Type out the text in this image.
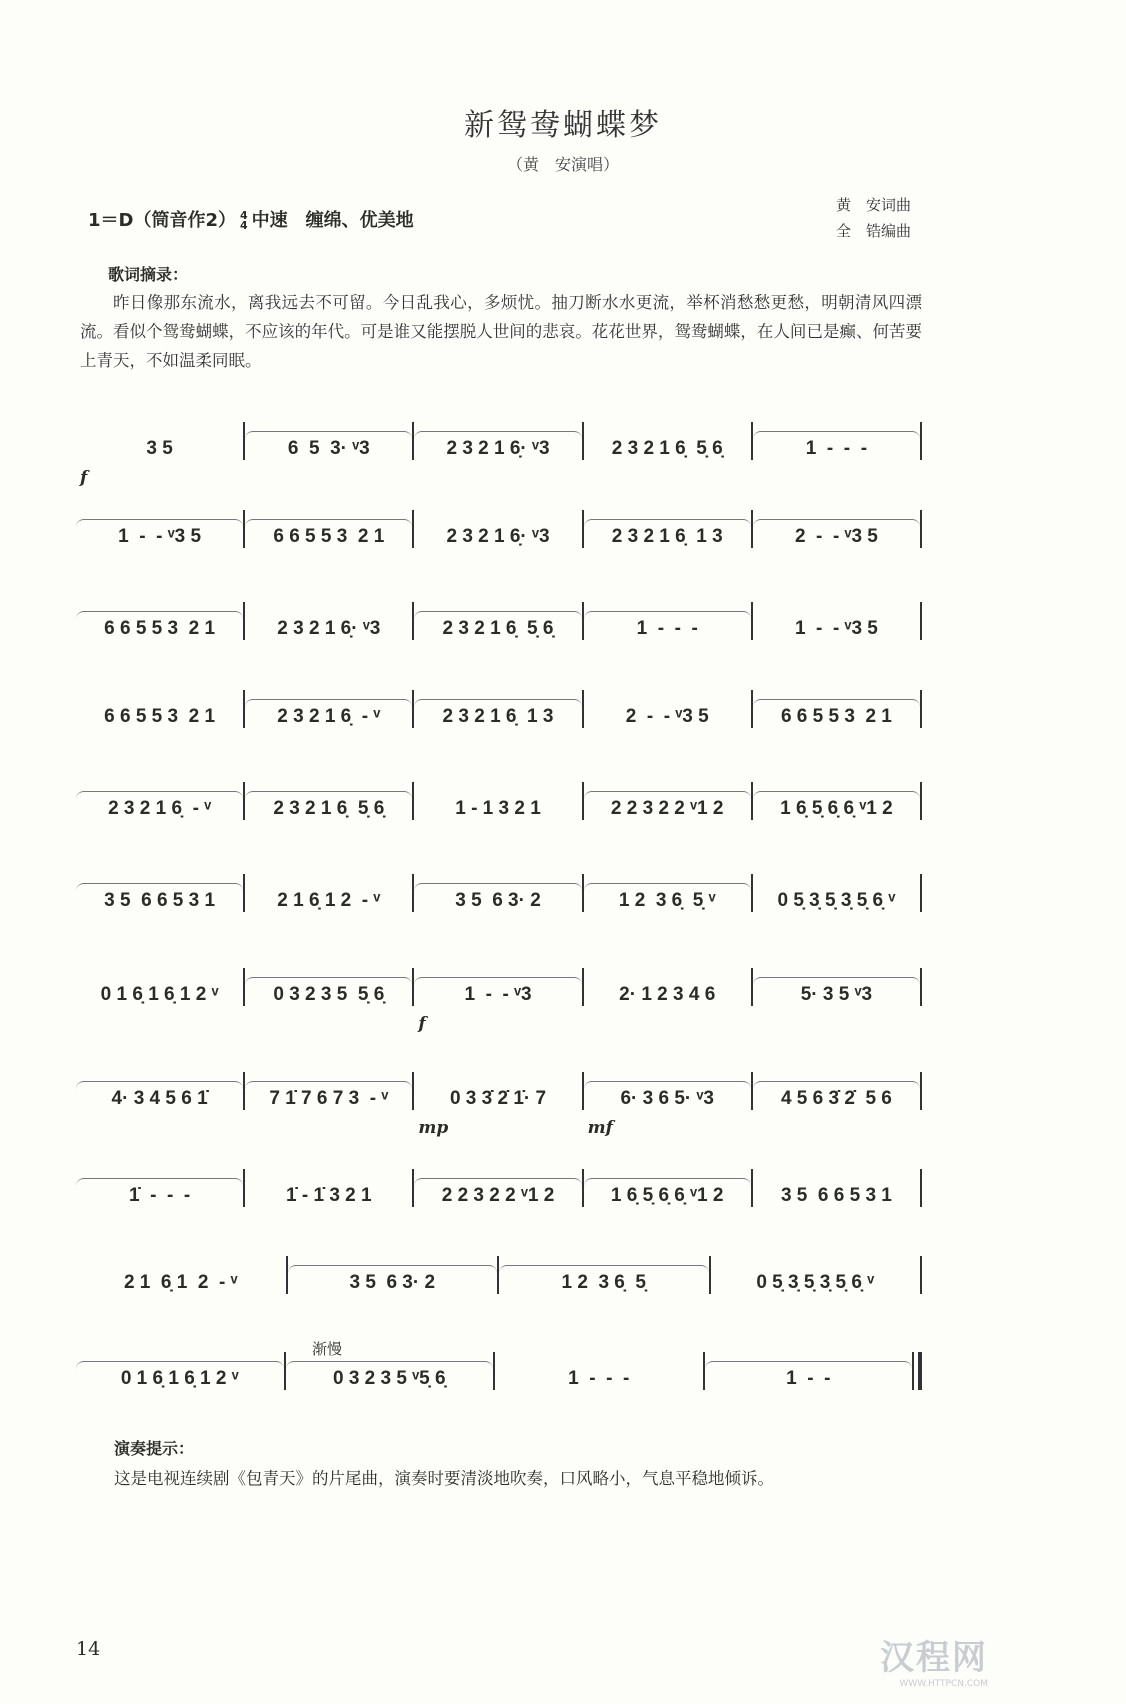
新鸳鸯蝴蝶梦
（黄　安演唱）
1＝D（筒音作2） 4
4 中速　缠绵、优美地
黄　安词曲
全　锆编曲
歌词摘录：
昨日像那东流水，离我远去不可留。今日乱我心，多烦忧。抽刀断水水更流，举杯消愁愁更愁，明朝清风四漂流。看似个鸳鸯蝴蝶，不应该的年代。可是谁又能摆脱人世间的悲哀。花花世界，鸳鸯蝴蝶，在人间已是癫、何苦要上青天，不如温柔同眠。
3 5
f
6  5  3· ᵛ3	2 3 2 1 6̣· ᵛ3	2 3 2 1 6̣  5̣ 6̣	1  -  -  -
1  -  - ᵛ3 5	6 6 5 5 3  2 1	2 3 2 1 6̣· ᵛ3	2 3 2 1 6̣  1 3	2  -  - ᵛ3 5
6 6 5 5 3  2 1	2 3 2 1 6̣· ᵛ3	2 3 2 1 6̣  5̣ 6̣	1  -  -  -	1  -  - ᵛ3 5
6 6 5 5 3  2 1	2 3 2 1 6̣  - ᵛ	2 3 2 1 6̣  1 3	2  -  - ᵛ3 5	6 6 5 5 3  2 1
2 3 2 1 6̣  - ᵛ	2 3 2 1 6̣  5̣ 6̣	1 - 1 3 2 1	2 2 3 2 2 ᵛ1 2	1 6̣ 5̣ 6̣ 6̣ ᵛ1 2
3 5  6 6 5 3 1	2 1 6̣ 1 2  - ᵛ	3 5  6 3· 2	1 2  3 6̣  5̣ ᵛ	0 5̣ 3̣ 5̣ 3̣ 5̣ 6̣ ᵛ
0 1 6̣ 1 6̣ 1 2 ᵛ	0 3 2 3 5  5̣ 6̣	1  -  - ᵛ3
f
2· 1 2 3 4 6	5· 3 5 ᵛ3
4· 3 4 5 6 1̇	7 1̇ 7 6 7 3  - ᵛ	0 3 3̇ 2̇ 1̇· 7
mp
6· 3 6 5· ᵛ3
mf
4 5 6 3̇ 2̇  5 6
1̇  -  -  -	1̇ - 1̇ 3 2 1	2 2 3 2 2 ᵛ1 2	1 6̣ 5̣ 6̣ 6̣ ᵛ1 2	3 5  6 6 5 3 1
2 1  6̣ 1  2  - ᵛ	3 5  6 3· 2	1 2  3 6̣  5̣	0 5̣ 3̣ 5̣ 3̣ 5̣ 6̣ ᵛ
0 1 6̣ 1 6̣ 1 2 ᵛ	0 3 2 3 5 ᵛ5̣ 6̣	1  -  -  -	1  -  -
渐慢
演奏提示：
这是电视连续剧《包青天》的片尾曲，演奏时要清淡地吹奏，口风略小，气息平稳地倾诉。
14	汉程网
WWW.HTTPCN.COM
